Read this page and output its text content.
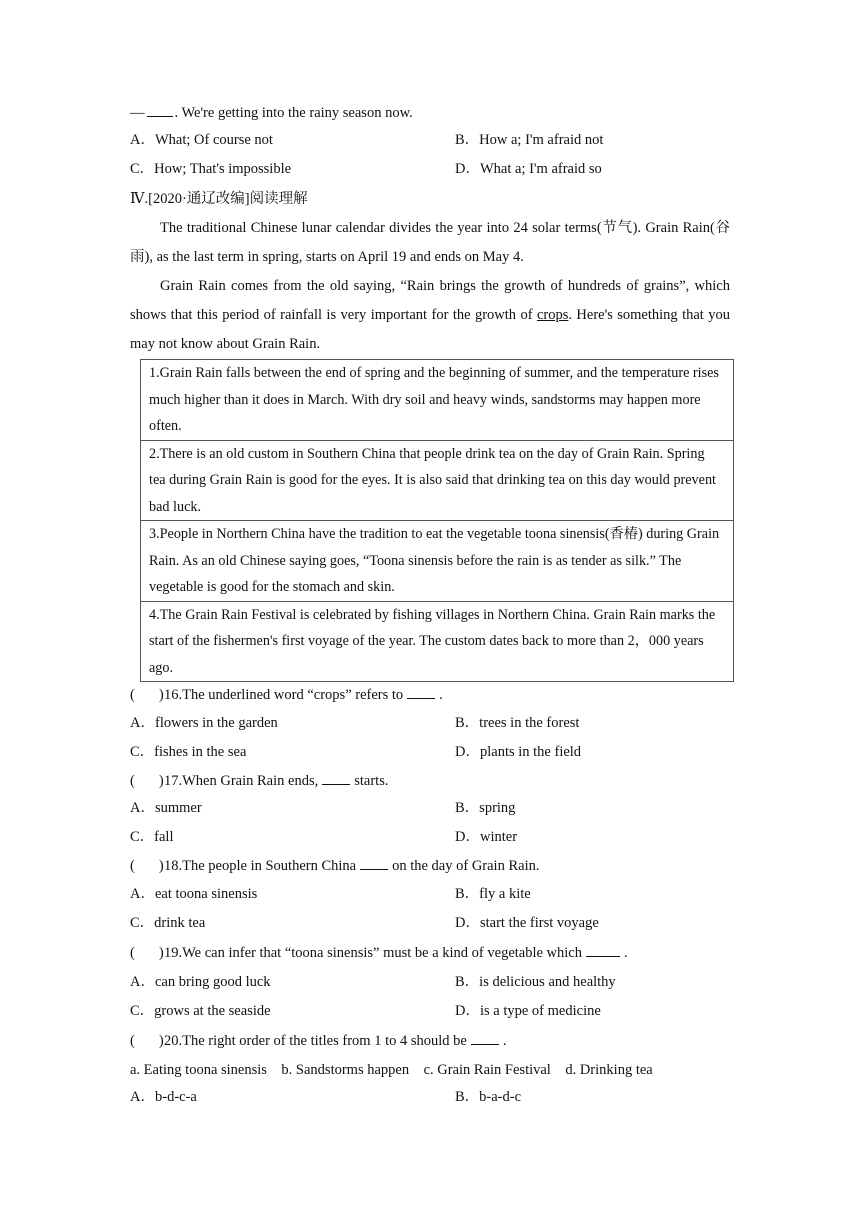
— . We're getting into the rainy season now.
A．What; Of course not	B．How a; I'm afraid not
C．How; That's impossible	D．What a; I'm afraid so
Ⅳ.[2020·通辽改编]阅读理解
The traditional Chinese lunar calendar divides the year into 24 solar terms(节气). Grain Rain(谷雨), as the last term in spring, starts on April 19 and ends on May 4.
Grain Rain comes from the old saying, “Rain brings the growth of hundreds of grains”, which shows that this period of rainfall is very important for the growth of crops. Here's something that you may not know about Grain Rain.
1.Grain Rain falls between the end of spring and the beginning of summer, and the temperature rises much higher than it does in March. With dry soil and heavy winds, sandstorms may happen more often.
2.There is an old custom in Southern China that people drink tea on the day of Grain Rain. Spring tea during Grain Rain is good for the eyes. It is also said that drinking tea on this day would prevent bad luck.
3.People in Northern China have the tradition to eat the vegetable toona sinensis(香椿) during Grain Rain. As an old Chinese saying goes, “Toona sinensis before the rain is as tender as silk.” The vegetable is good for the stomach and skin.
4.The Grain Rain Festival is celebrated by fishing villages in Northern China. Grain Rain marks the start of the fishermen's first voyage of the year. The custom dates back to more than 2，000 years ago.
( )16.The underlined word “crops” refers to .
A．flowers in the garden	B．trees in the forest
C．fishes in the sea	D．plants in the field
( )17.When Grain Rain ends, starts.
A．summer	B．spring
C．fall	D．winter
( )18.The people in Southern China on the day of Grain Rain.
A．eat toona sinensis	B．fly a kite
C．drink tea	D．start the first voyage
( )19.We can infer that “toona sinensis” must be a kind of vegetable which	.
A．can bring good luck	B．is delicious and healthy
C．grows at the seaside	D．is a type of medicine
( )20.The right order of the titles from 1 to 4 should be .
a. Eating toona sinensis    b. Sandstorms happen    c. Grain Rain Festival    d. Drinking tea
A．b-d-c-a	B．b-a-d-c
